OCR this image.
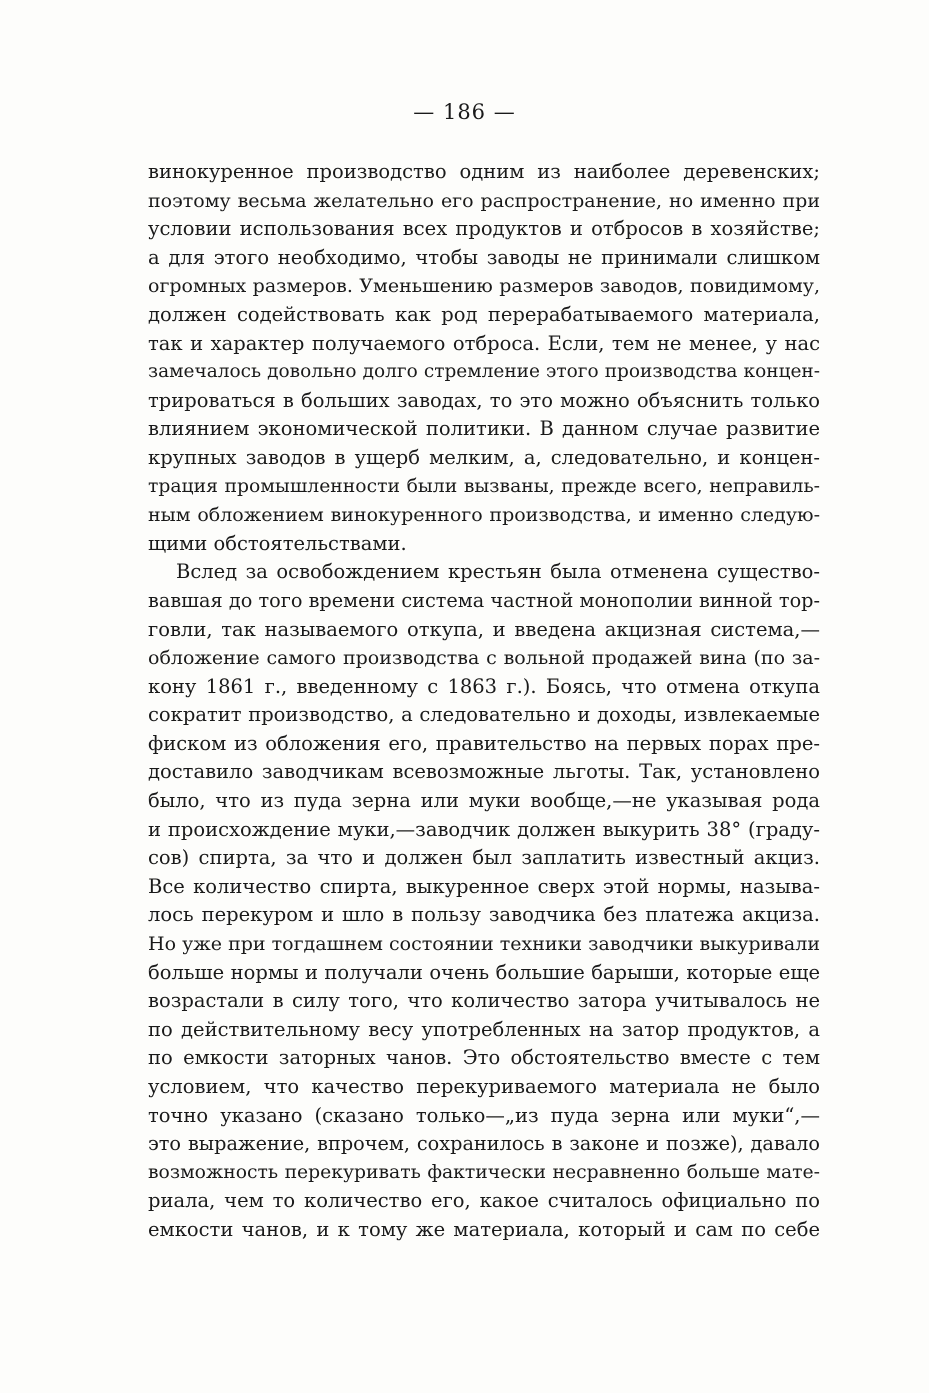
— 186 —
винокуренное производство одним из наиболее деревенских;
поэтому весьма желательно его распространение, но именно при
условии использования всех продуктов и отбросов в хозяйстве;
а для этого необходимо, чтобы заводы не принимали слишком
огромных размеров. Уменьшению размеров заводов, повидимому,
должен содействовать как род перерабатываемого материала,
так и характер получаемого отброса. Если, тем не менее, у нас
замечалось довольно долго стремление этого производства концен-
трироваться в больших заводах, то это можно объяснить только
влиянием экономической политики. В данном случае развитие
крупных заводов в ущерб мелким, а, следовательно, и концен-
трация промышленности были вызваны, прежде всего, неправиль-
ным обложением винокуренного производства, и именно следую-
щими обстоятельствами.
Вслед за освобождением крестьян была отменена существо-
вавшая до того времени система частной монополии винной тор-
говли, так называемого откупа, и введена акцизная система,—
обложение самого производства с вольной продажей вина (по за-
кону 1861 г., введенному с 1863 г.). Боясь, что отмена откупа
сократит производство, а следовательно и доходы, извлекаемые
фиском из обложения его, правительство на первых порах пре-
доставило заводчикам всевозможные льготы. Так, установлено
было, что из пуда зерна или муки вообще,—не указывая рода
и происхождение муки,—заводчик должен выкурить 38° (граду-
сов) спирта, за что и должен был заплатить известный акциз.
Все количество спирта, выкуренное сверх этой нормы, называ-
лось перекуром и шло в пользу заводчика без платежа акциза.
Но уже при тогдашнем состоянии техники заводчики выкуривали
больше нормы и получали очень большие барыши, которые еще
возрастали в силу того, что количество затора учитывалось не
по действительному весу употребленных на затор продуктов, а
по емкости заторных чанов. Это обстоятельство вместе с тем
условием, что качество перекуриваемого материала не было
точно указано (сказано только—„из пуда зерна или муки“,—
это выражение, впрочем, сохранилось в законе и позже), давало
возможность перекуривать фактически несравненно больше мате-
риала, чем то количество его, какое считалось официально по
емкости чанов, и к тому же материала, который и сам по себе
